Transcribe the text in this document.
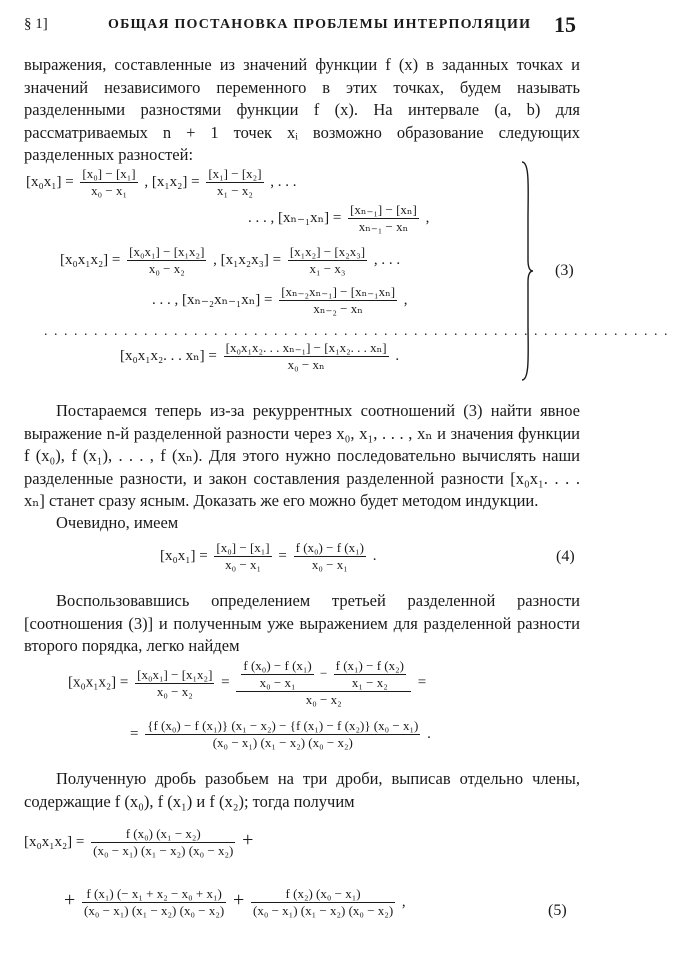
§ 1]	ОБЩАЯ ПОСТАНОВКА ПРОБЛЕМЫ ИНТЕРПОЛЯЦИИ 15
выражения, составленные из значений функции f (x) в заданных точках и значений независимого переменного в этих точках, будем называть разделенными разностями функции f (x). На интервале (a, b) для рассматриваемых n + 1 точек xᵢ возможно образование следующих разделенных разностей:
$[x_0x_1] = \frac{\text{[x₀] − [x₁]}}{\text{x₀ − x₁}}$ , $[x_1x_2] = \frac{\text{[x₁] − [x₂]}}{\text{x₁ − x₂}}$ , . . .
. . . , $[x_{n-1}x_n] = \frac{\text{[xₙ₋₁] − [xₙ]}}{\text{xₙ₋₁ − xₙ}}$ ,
$[x_0x_1x_2] = \frac{\text{[x₀x₁] − [x₁x₂]}}{\text{x₀ − x₂}}$ , $[x_1x_2x_3] = \frac{\text{[x₁x₂] − [x₂x₃]}}{\text{x₁ − x₃}}$ , . . .
. . . , $[x_{n-2}x_{n-1}x_n] = \frac{\text{[xₙ₋₂xₙ₋₁] − [xₙ₋₁xₙ]}}{\text{xₙ₋₂ − xₙ}}$ ,
...............................................................
[x₀x₁x₂. . . $x_n] = \frac{\text{[x₀x₁x₂. . . xₙ₋₁] − [x₁x₂. . . xₙ]}}{\text{x₀ − xₙ}}$ .
(3)
Постараемся теперь из-за рекуррентных соотношений (3) найти явное выражение n-й разделенной разности через x₀, x₁, . . . , xₙ и значения функции f (x₀), f (x₁), . . . , f (xₙ). Для этого нужно последовательно вычислять наши разделенные разности, и закон составления разделенной разности [x₀x₁. . . . xₙ] станет сразу ясным. Доказать же его можно будет методом индукции.
Очевидно, имеем
$[x_0x_1] = \frac{\text{[x₀] − [x₁]}}{\text{x₀ − x₁}} = \frac{\text{f (x₀) − f (x₁)}}{\text{x₀ − x₁}}$ .	(4)
Воспользовавшись определением третьей разделенной разности [соотношения (3)] и полученным уже выражением для разделенной разности второго порядка, легко найдем
$[x_0x_1x_2] = \frac{\text{[x₀x₁] − [x₁x₂]}}{\text{x₀ − x₂}} = \frac{\text{f (x₀) − f (x₁)}}{\text{x₀ − x₁}} - \frac{\text{f (x₁) − f (x₂)}}{\text{x₁ − x₂}}$
x₀ − x₂
=
= $\frac{\text{\{f (x₀) − f (x₁)\} (x₁ − x₂) − \{f (x₁) − f (x₂)\} (x₀ − x₁)}}{\text{(x₀ − x₁) (x₁ − x₂) (x₀ − x₂)}}$ .
Полученную дробь разобьем на три дроби, выписав отдельно члены, содержащие f (x₀), f (x₁) и f (x₂); тогда получим
$[x_0x_1x_2] = \frac{\text{f (x₀) (x₁ − x₂)}}{\text{(x₀ − x₁) (x₁ − x₂) (x₀ − x₂)}}$ +
+ $\frac{\text{f (x₁) (− x₁ + x₂ − x₀ + x₁)}}{\text{(x₀ − x₁) (x₁ − x₂) (x₀ − x₂)}} + \frac{\text{f (x₂) (x₀ − x₁)}}{\text{(x₀ − x₁) (x₁ − x₂) (x₀ − x₂)}}$ ,
(5)
